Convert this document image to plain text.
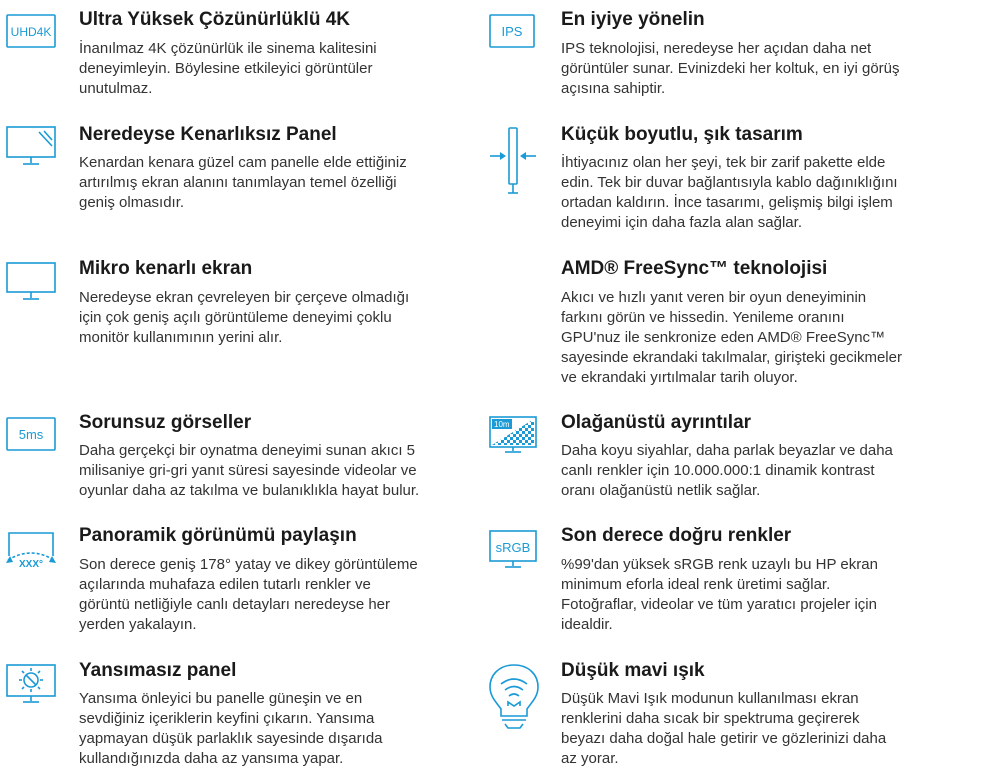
UHD4K
Ultra Yüksek Çözünürlüklü 4K
İnanılmaz 4K çözünürlük ile sinema kalitesini
deneyimleyin. Böylesine etkileyici görüntüler
unutulmaz.
IPS
En iyiye yönelin
IPS teknolojisi, neredeyse her açıdan daha net
görüntüler sunar. Evinizdeki her koltuk, en iyi görüş
açısına sahiptir.
Neredeyse Kenarlıksız Panel
Kenardan kenara güzel cam panelle elde ettiğiniz
artırılmış ekran alanını tanımlayan temel özelliği
geniş olmasıdır.
Küçük boyutlu, şık tasarım
İhtiyacınız olan her şeyi, tek bir zarif pakette elde
edin. Tek bir duvar bağlantısıyla kablo dağınıklığını
ortadan kaldırın. İnce tasarımı, gelişmiş bilgi işlem
deneyimi için daha fazla alan sağlar.
Mikro kenarlı ekran
Neredeyse ekran çevreleyen bir çerçeve olmadığı
için çok geniş açılı görüntüleme deneyimi çoklu
monitör kullanımının yerini alır.
AMD® FreeSync™ teknolojisi
Akıcı ve hızlı yanıt veren bir oyun deneyiminin
farkını görün ve hissedin. Yenileme oranını
GPU'nuz ile senkronize eden AMD® FreeSync™
sayesinde ekrandaki takılmalar, girişteki gecikmeler
ve ekrandaki yırtılmalar tarih oluyor.
5ms
Sorunsuz görseller
Daha gerçekçi bir oynatma deneyimi sunan akıcı 5
milisaniye gri-gri yanıt süresi sayesinde videolar ve
oyunlar daha az takılma ve bulanıklıkla hayat bulur.
10m	Olağanüstü ayrıntılar
Daha koyu siyahlar, daha parlak beyazlar ve daha
canlı renkler için 10.000.000:1 dinamik kontrast
oranı olağanüstü netlik sağlar.
XXX°
Panoramik görünümü paylaşın
Son derece geniş 178° yatay ve dikey görüntüleme
açılarında muhafaza edilen tutarlı renkler ve
görüntü netliğiyle canlı detayları neredeyse her
yerden yakalayın.
sRGB
Son derece doğru renkler
%99'dan yüksek sRGB renk uzaylı bu HP ekran
minimum eforla ideal renk üretimi sağlar.
Fotoğraflar, videolar ve tüm yaratıcı projeler için
idealdir.
Yansımasız panel
Yansıma önleyici bu panelle güneşin ve en
sevdiğiniz içeriklerin keyfini çıkarın. Yansıma
yapmayan düşük parlaklık sayesinde dışarıda
kullandığınızda daha az yansıma yapar.
Düşük mavi ışık
Düşük Mavi Işık modunun kullanılması ekran
renklerini daha sıcak bir spektruma geçirerek
beyazı daha doğal hale getirir ve gözlerinizi daha
az yorar.
